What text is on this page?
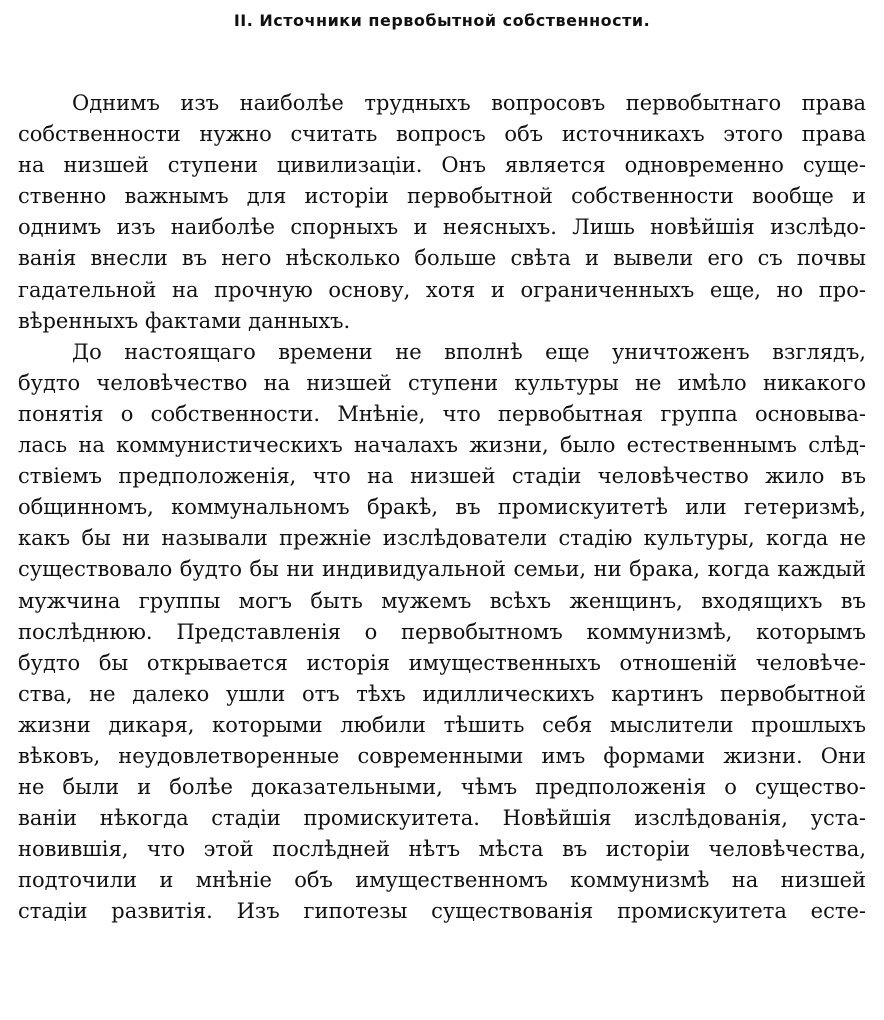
II. Источники первобытной собственности.
Однимъ изъ наиболѣе трудныхъ вопросовъ первобытнаго права
собственности нужно считать вопросъ объ источникахъ этого права
на низшей ступени цивилизаціи. Онъ является одновременно суще-
ственно важнымъ для исторіи первобытной собственности вообще и
однимъ изъ наиболѣе спорныхъ и неясныхъ. Лишь новѣйшія изслѣдо-
ванія внесли въ него нѣсколько больше свѣта и вывели его съ почвы
гадательной на прочную основу, хотя и ограниченныхъ еще, но про-
вѣренныхъ фактами данныхъ.
До настоящаго времени не вполнѣ еще уничтоженъ взглядъ,
будто человѣчество на низшей ступени культуры не имѣло никакого
понятія о собственности. Мнѣніе, что первобытная группа основыва-
лась на коммунистическихъ началахъ жизни, было естественнымъ слѣд-
ствіемъ предположенія, что на низшей стадіи человѣчество жило въ
общинномъ, коммунальномъ бракѣ, въ промискуитетѣ или гетеризмѣ,
какъ бы ни называли прежніе изслѣдователи стадію культуры, когда не
существовало будто бы ни индивидуальной семьи, ни брака, когда каждый
мужчина группы могъ быть мужемъ всѣхъ женщинъ, входящихъ въ
послѣднюю. Представленія о первобытномъ коммунизмѣ, которымъ
будто бы открывается исторія имущественныхъ отношеній человѣче-
ства, не далеко ушли отъ тѣхъ идиллическихъ картинъ первобытной
жизни дикаря, которыми любили тѣшить себя мыслители прошлыхъ
вѣковъ, неудовлетворенные современными имъ формами жизни. Они
не были и болѣе доказательными, чѣмъ предположенія о существо-
ваніи нѣкогда стадіи промискуитета. Новѣйшія изслѣдованія, уста-
новившія, что этой послѣдней нѣтъ мѣста въ исторіи человѣчества,
подточили и мнѣніе объ имущественномъ коммунизмѣ на низшей
стадіи развитія. Изъ гипотезы существованія промискуитета есте-
